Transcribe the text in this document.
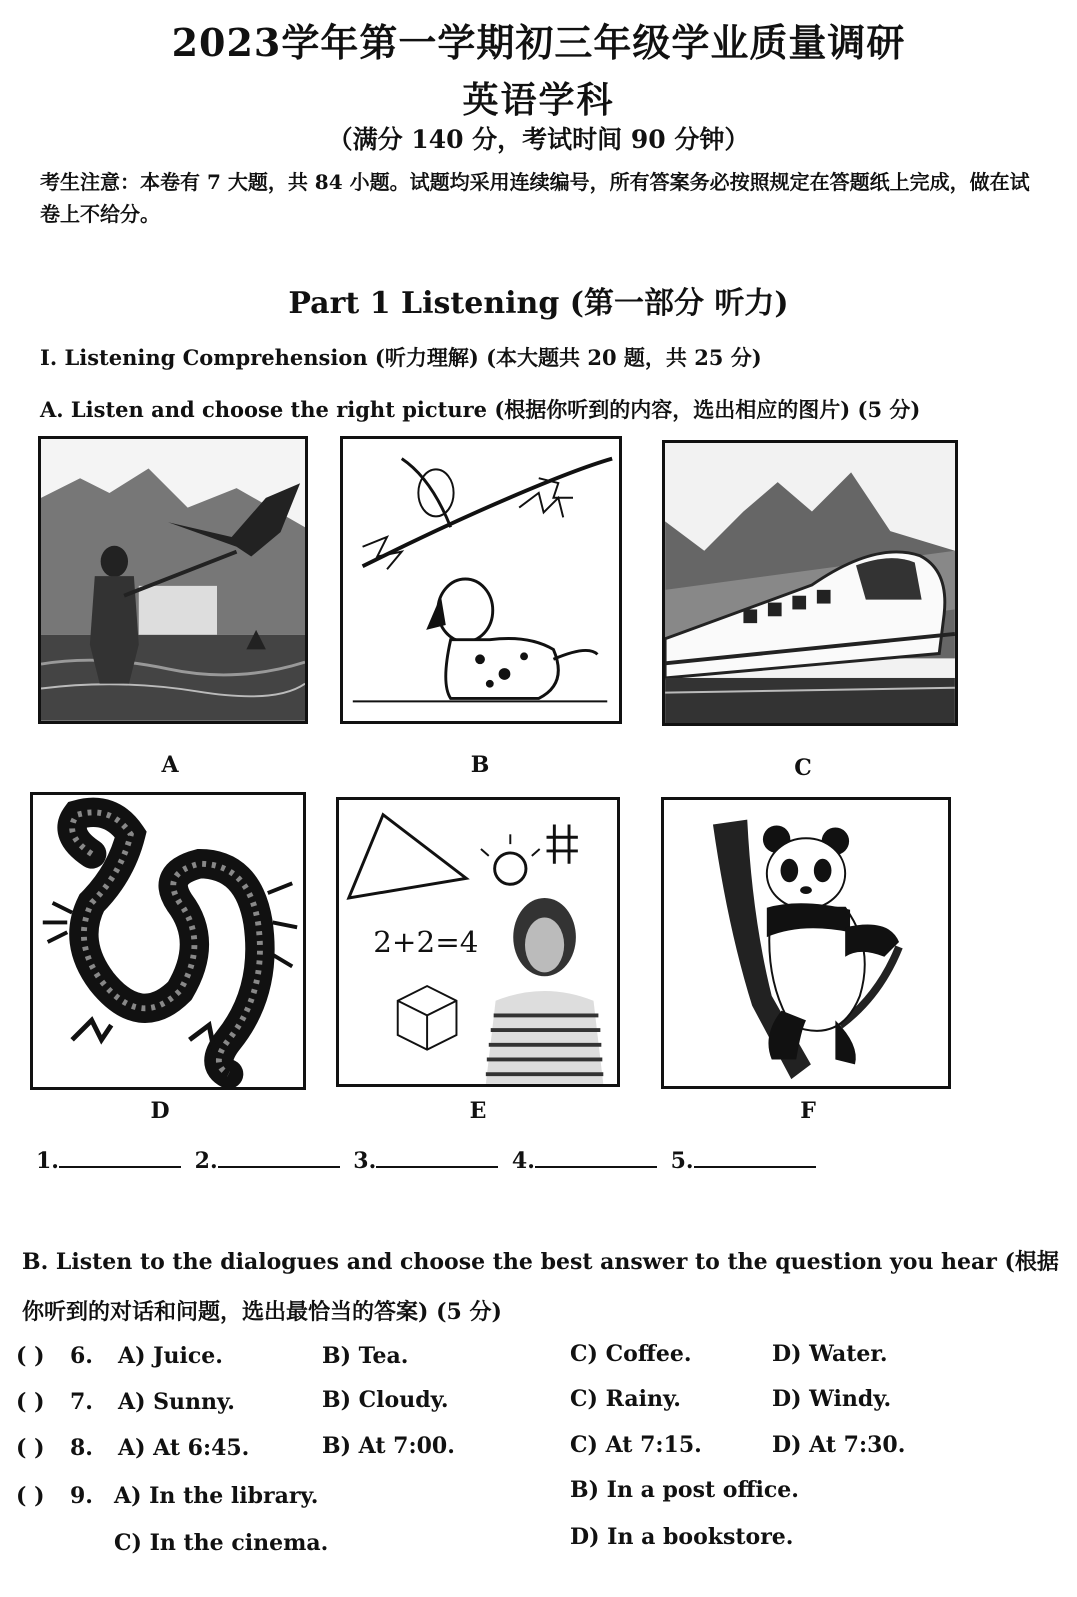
2023学年第一学期初三年级学业质量调研
英语学科
（满分 140 分，考试时间 90 分钟）
考生注意：本卷有 7 大题，共 84 小题。试题均采用连续编号，所有答案务必按照规定在答题纸上完成，做在试卷上不给分。
Part 1 Listening (第一部分 听力)
I. Listening Comprehension (听力理解) (本大题共 20 题，共 25 分)
A. Listen and choose the right picture (根据你听到的内容，选出相应的图片) (5 分)
A	B	C
D
2+2=4
E	F
1.	2.	3.	4.	5.
B. Listen to the dialogues and choose the best answer to the question you hear (根据你听到的对话和问题，选出最恰当的答案) (5 分)
( ) 6. A) Juice.	B) Tea.	C) Coffee.	D) Water.
( ) 7. A) Sunny.	B) Cloudy.	C) Rainy.	D) Windy.
( ) 8. A) At 6:45.	B) At 7:00.	C) At 7:15.	D) At 7:30.
( ) 9. A) In the library.	B) In a post office.
C) In the cinema.	D) In a bookstore.
